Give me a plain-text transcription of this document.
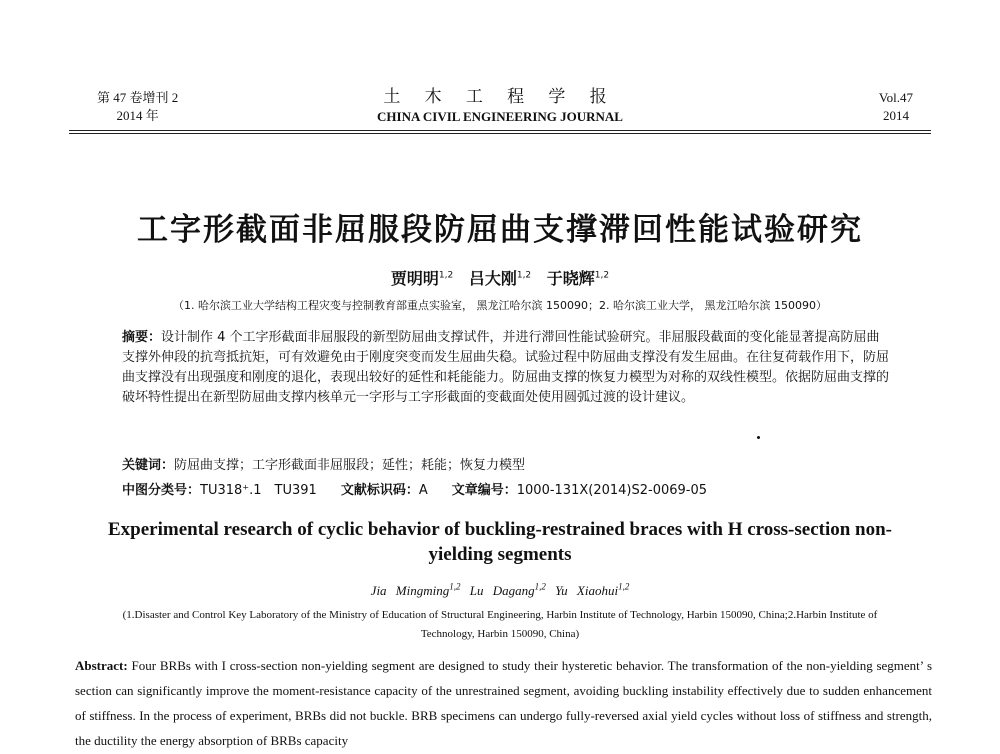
第 47 卷增刊 2
2014 年
土 木 工 程 学 报
CHINA CIVIL ENGINEERING JOURNAL
Vol.47
2014
工字形截面非屈服段防屈曲支撑滞回性能试验研究
贾明明$^{1,2}$ 吕大刚$^{1,2}$ 于晓辉$^{1,2}$
（1. 哈尔滨工业大学结构工程灾变与控制教育部重点实验室， 黑龙江哈尔滨 150090；2. 哈尔滨工业大学， 黑龙江哈尔滨 150090）
摘要：设计制作 4 个工字形截面非屈服段的新型防屈曲支撑试件，并进行滞回性能试验研究。非屈服段截面的变化能显著提高防屈曲支撑外伸段的抗弯抵抗矩，可有效避免由于刚度突变而发生屈曲失稳。试验过程中防屈曲支撑没有发生屈曲。在往复荷载作用下，防屈曲支撑没有出现强度和刚度的退化，表现出较好的延性和耗能能力。防屈曲支撑的恢复力模型为对称的双线性模型。依据防屈曲支撑的破坏特性提出在新型防屈曲支撑内核单元一字形与工字形截面的变截面处使用圆弧过渡的设计建议。
关键词：防屈曲支撑；工字形截面非屈服段；延性；耗能；恢复力模型
中图分类号：TU318⁺.1　TU391 文献标识码：A 文章编号：1000-131X(2014)S2-0069-05
Experimental research of cyclic behavior of buckling-restrained braces with H cross-section non-yielding segments
Jia Mingming$^{1,2}$ Lu Dagang$^{1,2}$ Yu Xiaohui$^{1,2}$
(1.Disaster and Control Key Laboratory of the Ministry of Education of Structural Engineering, Harbin Institute of Technology, Harbin 150090, China;2.Harbin Institute of Technology, Harbin 150090, China)
Abstract: Four BRBs with I cross-section non-yielding segment are designed to study their hysteretic behavior. The transformation of the non-yielding segment’ s section can significantly improve the moment-resistance capacity of the unrestrained segment, avoiding buckling instability effectively due to sudden enhancement of stiffness. In the process of experiment, BRBs did not buckle. BRB specimens can undergo fully-reversed axial yield cycles without loss of stiffness and strength, the ductility the energy absorption of BRBs capacity
